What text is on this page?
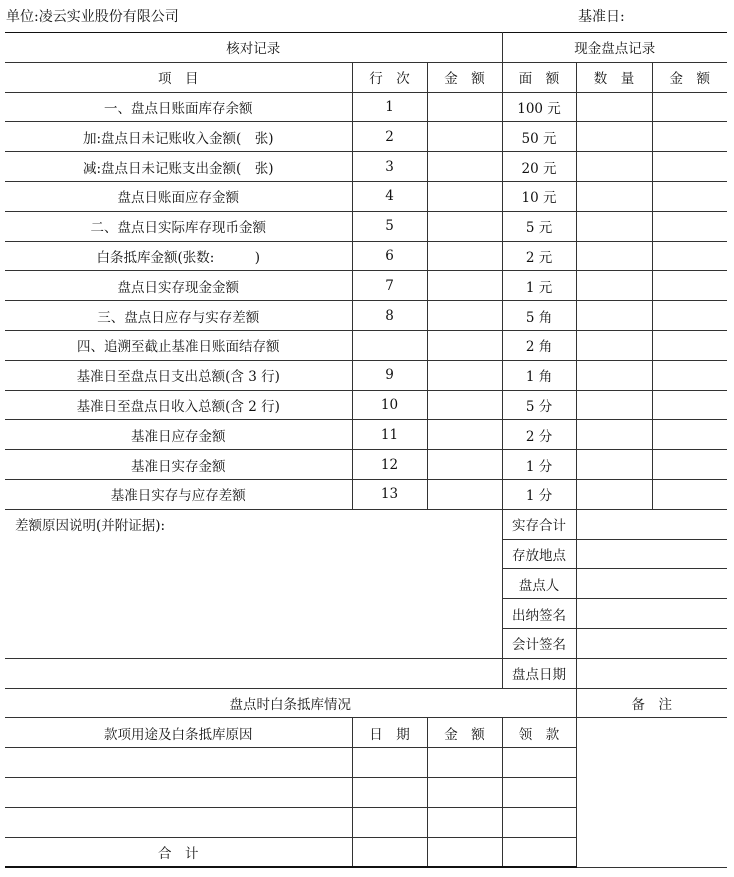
单位:凌云实业股份有限公司	基准日:
核对记录			现金盘点记录		
项　目	行　次	金　额	面　额	数　量	金　额
一、盘点日账面库存余额	1		100 元		
加:盘点日未记账收入金额(　张)	2		50 元		
减:盘点日未记账支出金额(　张)	3		20 元		
盘点日账面应存金额	4		10 元		
二、盘点日实际库存现币金额	5		5 元		
白条抵库金额(张数:　　　)	6		2 元		
盘点日实存现金金额	7		1 元		
三、盘点日应存与实存差额	8		5 角		
四、追溯至截止基准日账面结存额			2 角		
基准日至盘点日支出总额(含 3 行)	9		1 角		
基准日至盘点日收入总额(含 2 行)	10		5 分		
基准日应存金额	11		2 分		
基准日实存金额	12		1 分		
基准日实存与应存差额	13		1 分		
差额原因说明(并附证据):			实存合计		
			存放地点		
			盘点人		
			出纳签名		
			会计签名		
			盘点日期		
盘点时白条抵库情况				备　注	
款项用途及白条抵库原因	日　期	金　额	领　款		

合　计					
